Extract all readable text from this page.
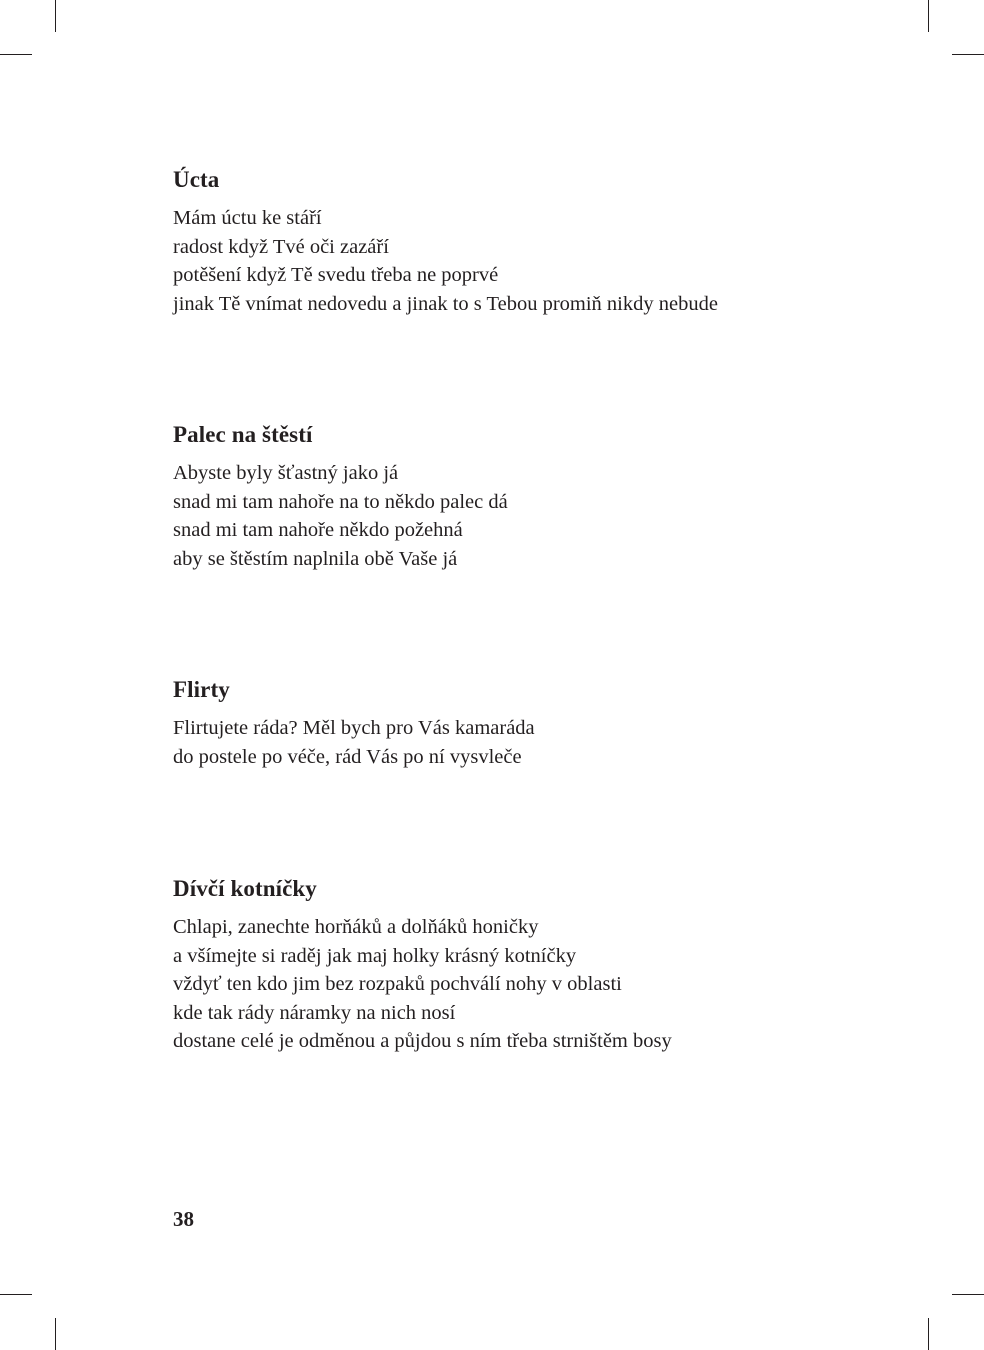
Úcta
Mám úctu ke stáří
radost když Tvé oči zazáří
potěšení když Tě svedu třeba ne poprvé
jinak Tě vnímat nedovedu a jinak to s Tebou promiň nikdy nebude
Palec na štěstí
Abyste byly šťastný jako já
snad mi tam nahoře na to někdo palec dá
snad mi tam nahoře někdo požehná
aby se štěstím naplnila obě Vaše já
Flirty
Flirtujete ráda? Měl bych pro Vás kamaráda
do postele po véče, rád Vás po ní vysvleče
Dívčí kotníčky
Chlapi, zanechte horňáků a dolňáků honičky
a všímejte si raděj jak maj holky krásný kotníčky
vždyť ten kdo jim bez rozpaků pochválí nohy v oblasti
kde tak rády náramky na nich nosí
dostane celé je odměnou a půjdou s ním třeba strništěm bosy
38
